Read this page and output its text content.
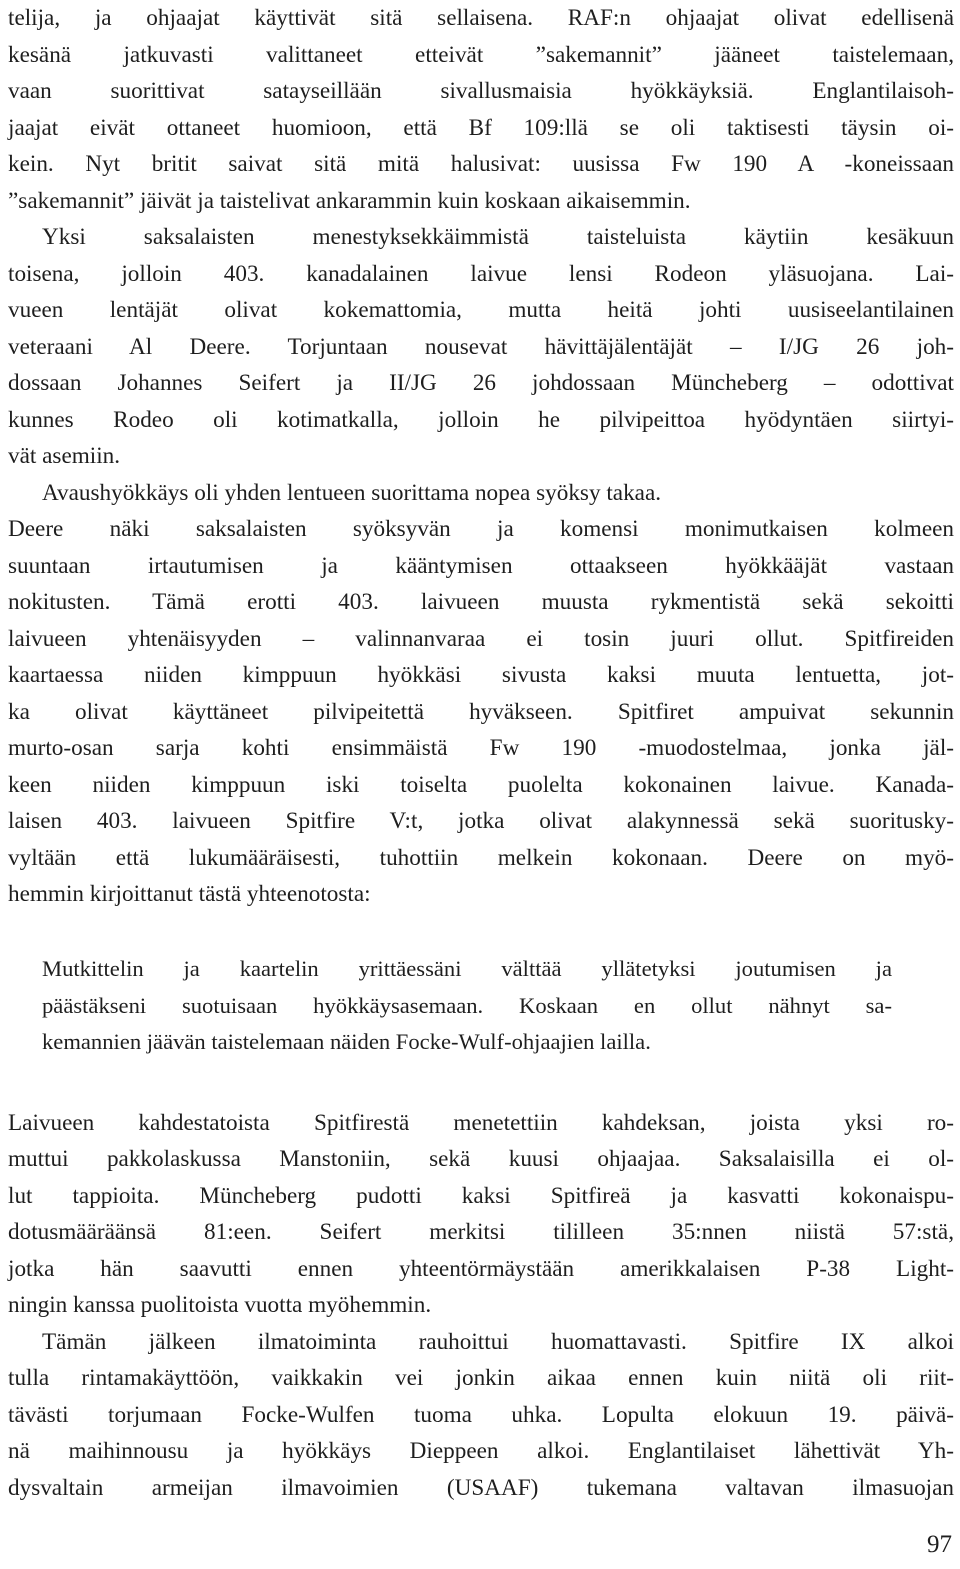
telija, ja ohjaajat käyttivät sitä sellaisena. RAF:n ohjaajat olivat edellisenä
kesänä jatkuvasti valittaneet etteivät ”sakemannit” jääneet taistelemaan,
vaan suorittivat satayseillään sivallusmaisia hyökkäyksiä. Englantilaisoh-
jaajat eivät ottaneet huomioon, että Bf 109:llä se oli taktisesti täysin oi-
kein. Nyt britit saivat sitä mitä halusivat: uusissa Fw 190 A -koneissaan
”sakemannit” jäivät ja taistelivat ankarammin kuin koskaan aikaisemmin.
Yksi saksalaisten menestyksekkäimmistä taisteluista käytiin kesäkuun
toisena, jolloin 403. kanadalainen laivue lensi Rodeon yläsuojana. Lai-
vueen lentäjät olivat kokemattomia, mutta heitä johti uusiseelantilainen
veteraani Al Deere. Torjuntaan nousevat hävittäjälentäjät – I/JG 26 joh-
dossaan Johannes Seifert ja II/JG 26 johdossaan Müncheberg – odottivat
kunnes Rodeo oli kotimatkalla, jolloin he pilvipeittoa hyödyntäen siirtyi-
vät asemiin.
Avaushyökkäys oli yhden lentueen suorittama nopea syöksy takaa.
Deere näki saksalaisten syöksyvän ja komensi monimutkaisen kolmeen
suuntaan irtautumisen ja kääntymisen ottaakseen hyökkääjät vastaan
nokitusten. Tämä erotti 403. laivueen muusta rykmentistä sekä sekoitti
laivueen yhtenäisyyden – valinnanvaraa ei tosin juuri ollut. Spitfireiden
kaartaessa niiden kimppuun hyökkäsi sivusta kaksi muuta lentuetta, jot-
ka olivat käyttäneet pilvipeitettä hyväkseen. Spitfiret ampuivat sekunnin
murto-osan sarja kohti ensimmäistä Fw 190 -muodostelmaa, jonka jäl-
keen niiden kimppuun iski toiselta puolelta kokonainen laivue. Kanada-
laisen 403. laivueen Spitfire V:t, jotka olivat alakynnessä sekä suoritusky-
vyltään että lukumääräisesti, tuhottiin melkein kokonaan. Deere on myö-
hemmin kirjoittanut tästä yhteenotosta:
Mutkittelin ja kaartelin yrittäessäni välttää yllätetyksi joutumisen ja
päästäkseni suotuisaan hyökkäysasemaan. Koskaan en ollut nähnyt sa-
kemannien jäävän taistelemaan näiden Focke-Wulf-ohjaajien lailla.
Laivueen kahdestatoista Spitfirestä menetettiin kahdeksan, joista yksi ro-
muttui pakkolaskussa Manstoniin, sekä kuusi ohjaajaa. Saksalaisilla ei ol-
lut tappioita. Müncheberg pudotti kaksi Spitfireä ja kasvatti kokonaispu-
dotusmääräänsä 81:een. Seifert merkitsi tililleen 35:nnen niistä 57:stä,
jotka hän saavutti ennen yhteentörmäystään amerikkalaisen P-38 Light-
ningin kanssa puolitoista vuotta myöhemmin.
Tämän jälkeen ilmatoiminta rauhoittui huomattavasti. Spitfire IX alkoi
tulla rintamakäyttöön, vaikkakin vei jonkin aikaa ennen kuin niitä oli riit-
tävästi torjumaan Focke-Wulfen tuoma uhka. Lopulta elokuun 19. päivä-
nä maihinnousu ja hyökkäys Dieppeen alkoi. Englantilaiset lähettivät Yh-
dysvaltain armeijan ilmavoimien (USAAF) tukemana valtavan ilmasuojan
97
